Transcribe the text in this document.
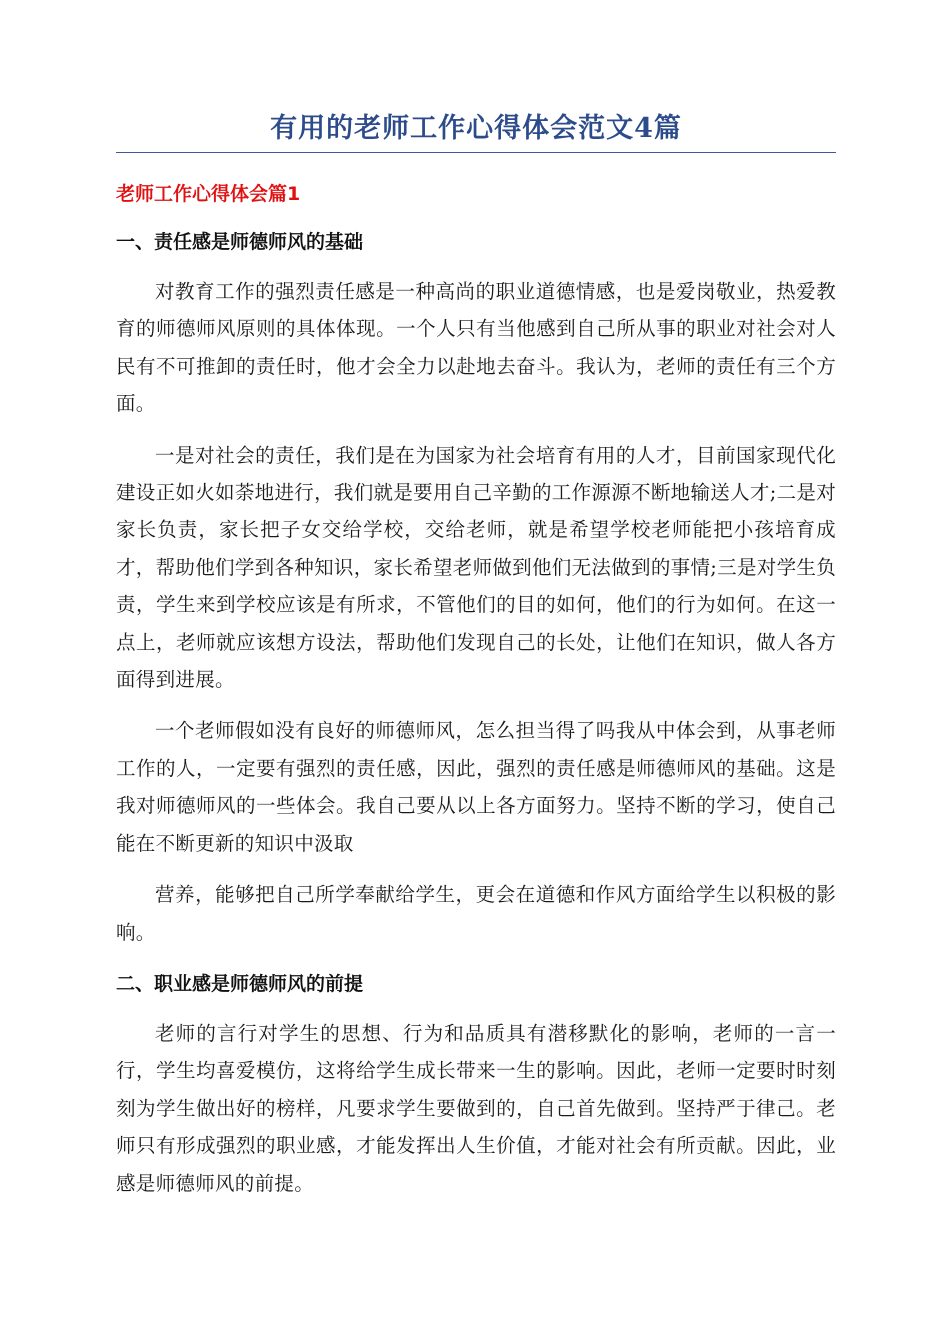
有用的老师工作心得体会范文4篇
老师工作心得体会篇1
一、责任感是师德师风的基础

对教育工作的强烈责任感是一种高尚的职业道德情感，也是爱岗敬业，热爱教育的师德师风原则的具体体现。一个人只有当他感到自己所从事的职业对社会对人民有不可推卸的责任时，他才会全力以赴地去奋斗。我认为，老师的责任有三个方面。

一是对社会的责任，我们是在为国家为社会培育有用的人才，目前国家现代化建设正如火如荼地进行，我们就是要用自己辛勤的工作源源不断地输送人才;二是对家长负责，家长把子女交给学校，交给老师，就是希望学校老师能把小孩培育成才，帮助他们学到各种知识，家长希望老师做到他们无法做到的事情;三是对学生负责，学生来到学校应该是有所求，不管他们的目的如何，他们的行为如何。在这一点上，老师就应该想方设法，帮助他们发现自己的长处，让他们在知识，做人各方面得到进展。

一个老师假如没有良好的师德师风，怎么担当得了吗我从中体会到，从事老师工作的人，一定要有强烈的责任感，因此，强烈的责任感是师德师风的基础。这是我对师德师风的一些体会。我自己要从以上各方面努力。坚持不断的学习，使自己能在不断更新的知识中汲取

营养，能够把自己所学奉献给学生，更会在道德和作风方面给学生以积极的影响。

二、职业感是师德师风的前提

老师的言行对学生的思想、行为和品质具有潜移默化的影响，老师的一言一行，学生均喜爱模仿，这将给学生成长带来一生的影响。因此，老师一定要时时刻刻为学生做出好的榜样，凡要求学生要做到的，自己首先做到。坚持严于律己。老师只有形成强烈的职业感，才能发挥出人生价值，才能对社会有所贡献。因此，业感是师德师风的前提。
